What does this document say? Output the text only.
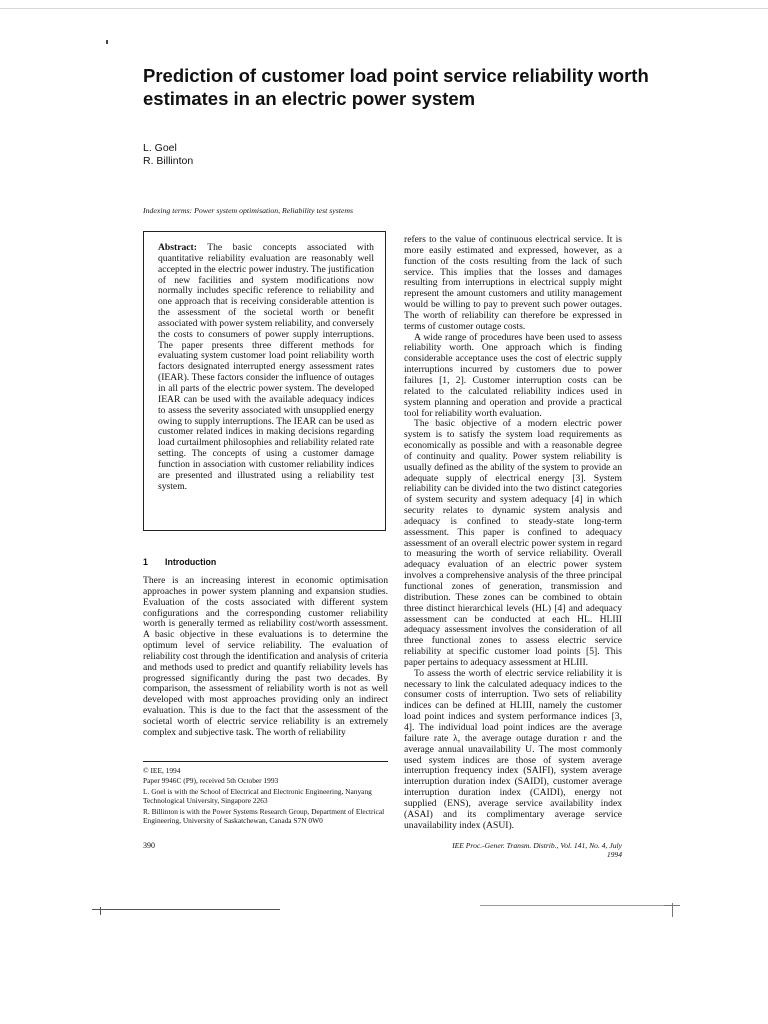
Prediction of customer load point service reliability worth estimates in an electric power system
L. Goel
R. Billinton
Indexing terms: Power system optimisation, Reliability test systems

Abstract: The basic concepts associated with quantitative reliability evaluation are reasonably well accepted in the electric power industry. The justification of new facilities and system modifications now normally includes specific reference to reliability and one approach that is receiving considerable attention is the assessment of the societal worth or benefit associated with power system reliability, and conversely the costs to consumers of power supply interruptions. The paper presents three different methods for evaluating system customer load point reliability worth factors designated interrupted energy assessment rates (IEAR). These factors consider the influence of outages in all parts of the electric power system. The developed IEAR can be used with the available adequacy indices to assess the severity associated with unsupplied energy owing to supply interruptions. The IEAR can be used as customer related indices in making decisions regarding load curtailment philosophies and reliability related rate setting. The concepts of using a customer damage function in association with customer reliability indices are presented and illustrated using a reliability test system.

1 Introduction

There is an increasing interest in economic optimisation approaches in power system planning and expansion studies. Evaluation of the costs associated with different system configurations and the corresponding customer reliability worth is generally termed as reliability cost/worth assessment. A basic objective in these evaluations is to determine the optimum level of service reliability. The evaluation of reliability cost through the identification and analysis of criteria and methods used to predict and quantify reliability levels has progressed significantly during the past two decades. By comparison, the assessment of reliability worth is not as well developed with most approaches providing only an indirect evaluation. This is due to the fact that the assessment of the societal worth of electric service reliability is an extremely complex and subjective task. The worth of reliability

© IEE, 1994

Paper 9946C (P9), received 5th October 1993

L. Goel is with the School of Electrical and Electronic Engineering, Nanyang Technological University, Singapore 2263

R. Billinton is with the Power Systems Research Group, Department of Electrical Engineering, University of Saskatchewan, Canada S7N 0W0

refers to the value of continuous electrical service. It is more easily estimated and expressed, however, as a function of the costs resulting from the lack of such service. This implies that the losses and damages resulting from interruptions in electrical supply might represent the amount customers and utility management would be willing to pay to prevent such power outages. The worth of reliability can therefore be expressed in terms of customer outage costs.

A wide range of procedures have been used to assess reliability worth. One approach which is finding considerable acceptance uses the cost of electric supply interruptions incurred by customers due to power failures [1, 2]. Customer interruption costs can be related to the calculated reliability indices used in system planning and operation and provide a practical tool for reliability worth evaluation.

The basic objective of a modern electric power system is to satisfy the system load requirements as economically as possible and with a reasonable degree of continuity and quality. Power system reliability is usually defined as the ability of the system to provide an adequate supply of electrical energy [3]. System reliability can be divided into the two distinct categories of system security and system adequacy [4] in which security relates to dynamic system analysis and adequacy is confined to steady-state long-term assessment. This paper is confined to adequacy assessment of an overall electric power system in regard to measuring the worth of service reliability. Overall adequacy evaluation of an electric power system involves a comprehensive analysis of the three principal functional zones of generation, transmission and distribution. These zones can be combined to obtain three distinct hierarchical levels (HL) [4] and adequacy assessment can be conducted at each HL. HLIII adequacy assessment involves the consideration of all three functional zones to assess electric service reliability at specific customer load points [5]. This paper pertains to adequacy assessment at HLIII.

To assess the worth of electric service reliability it is necessary to link the calculated adequacy indices to the consumer costs of interruption. Two sets of reliability indices can be defined at HLIII, namely the customer load point indices and system performance indices [3, 4]. The individual load point indices are the average failure rate λ, the average outage duration r and the average annual unavailability U. The most commonly used system indices are those of system average interruption frequency index (SAIFI), system average interruption duration index (SAIDI), customer average interruption duration index (CAIDI), energy not supplied (ENS), average service availability index (ASAI) and its complimentary average service unavailability index (ASUI).

390	IEE Proc.-Gener. Transm. Distrib., Vol. 141, No. 4, July 1994
